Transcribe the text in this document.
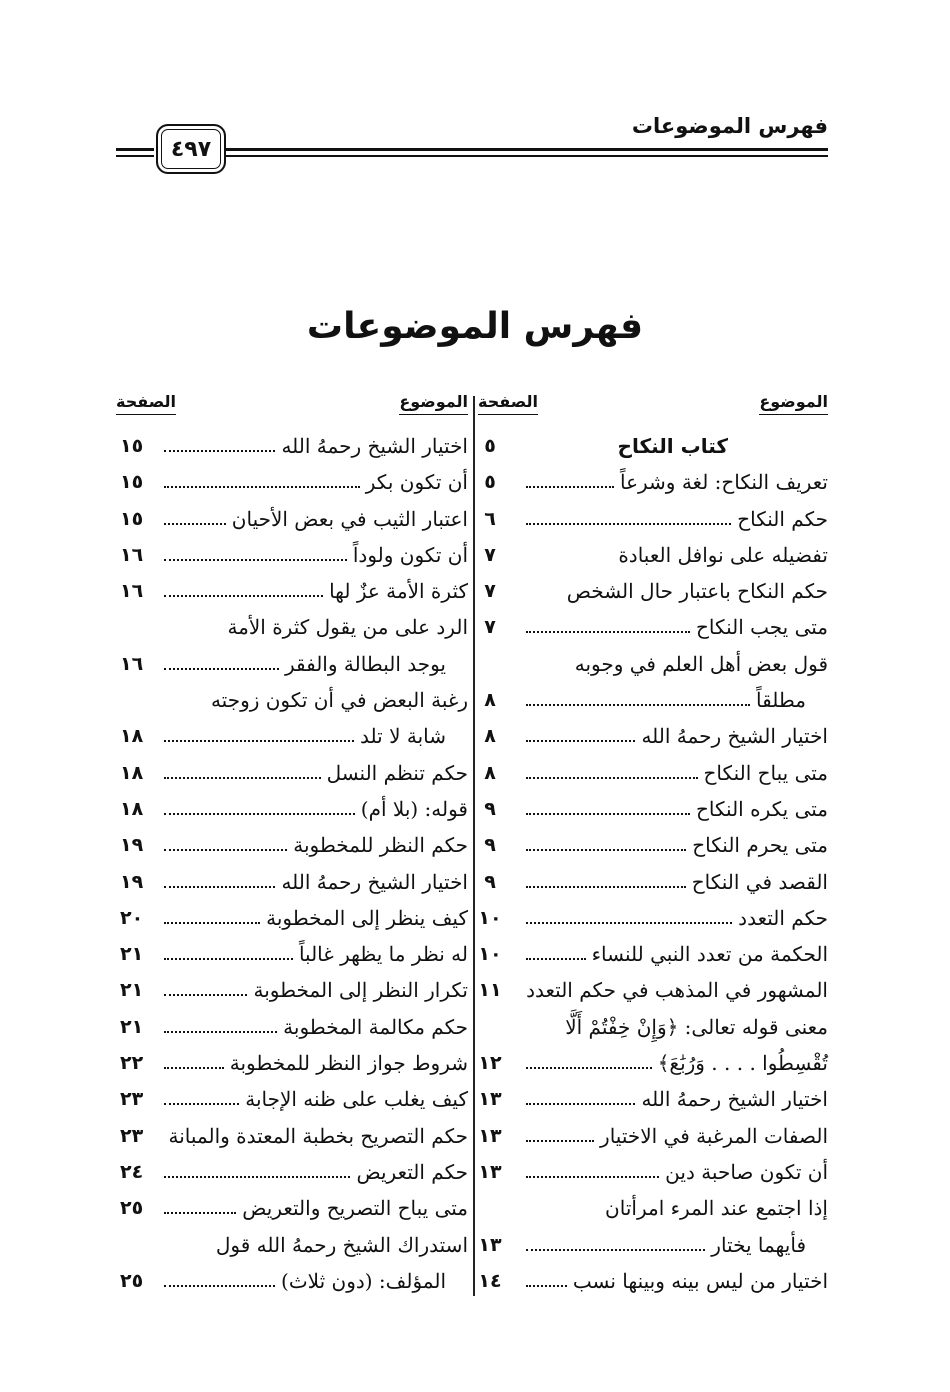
فهرس الموضوعات
٤٩٧
فهرس الموضوعات
الموضوع
الصفحة
كتاب النكاح
٥
تعريف النكاح: لغة وشرعاً
٥
حكم النكاح
٦
تفضيله على نوافل العبادة
٧
حكم النكاح باعتبار حال الشخص
٧
متى يجب النكاح
٧
قول بعض أهل العلم في وجوبه
مطلقاً
٨
اختيار الشيخ رحمهُ الله
٨
متى يباح النكاح
٨
متى يكره النكاح
٩
متى يحرم النكاح
٩
القصد في النكاح
٩
حكم التعدد
١٠
الحكمة من تعدد النبي للنساء
١٠
المشهور في المذهب في حكم التعدد
١١
معنى قوله تعالى: ﴿وَإِنْ خِفْتُمْ أَلَّا
تُقْسِطُوا . . . . وَرُبَٰعَ﴾
١٢
اختيار الشيخ رحمهُ الله
١٣
الصفات المرغبة في الاختيار
١٣
أن تكون صاحبة دين
١٣
إذا اجتمع عند المرء امرأتان
فأيهما يختار
١٣
اختيار من ليس بينه وبينها نسب
١٤
الموضوع
الصفحة
اختيار الشيخ رحمهُ الله
١٥
أن تكون بكر
١٥
اعتبار الثيب في بعض الأحيان
١٥
أن تكون ولوداً
١٦
كثرة الأمة عزٌ لها
١٦
الرد على من يقول كثرة الأمة
يوجد البطالة والفقر
١٦
رغبة البعض في أن تكون زوجته
شابة لا تلد
١٨
حكم تنظم النسل
١٨
قوله: (بلا أم)
١٨
حكم النظر للمخطوبة
١٩
اختيار الشيخ رحمهُ الله
١٩
كيف ينظر إلى المخطوبة
٢٠
له نظر ما يظهر غالباً
٢١
تكرار النظر إلى المخطوبة
٢١
حكم مكالمة المخطوبة
٢١
شروط جواز النظر للمخطوبة
٢٢
كيف يغلب على ظنه الإجابة
٢٣
حكم التصريح بخطبة المعتدة والمبانة
٢٣
حكم التعريض
٢٤
متى يباح التصريح والتعريض
٢٥
استدراك الشيخ رحمهُ الله قول
المؤلف: (دون ثلاث)
٢٥
